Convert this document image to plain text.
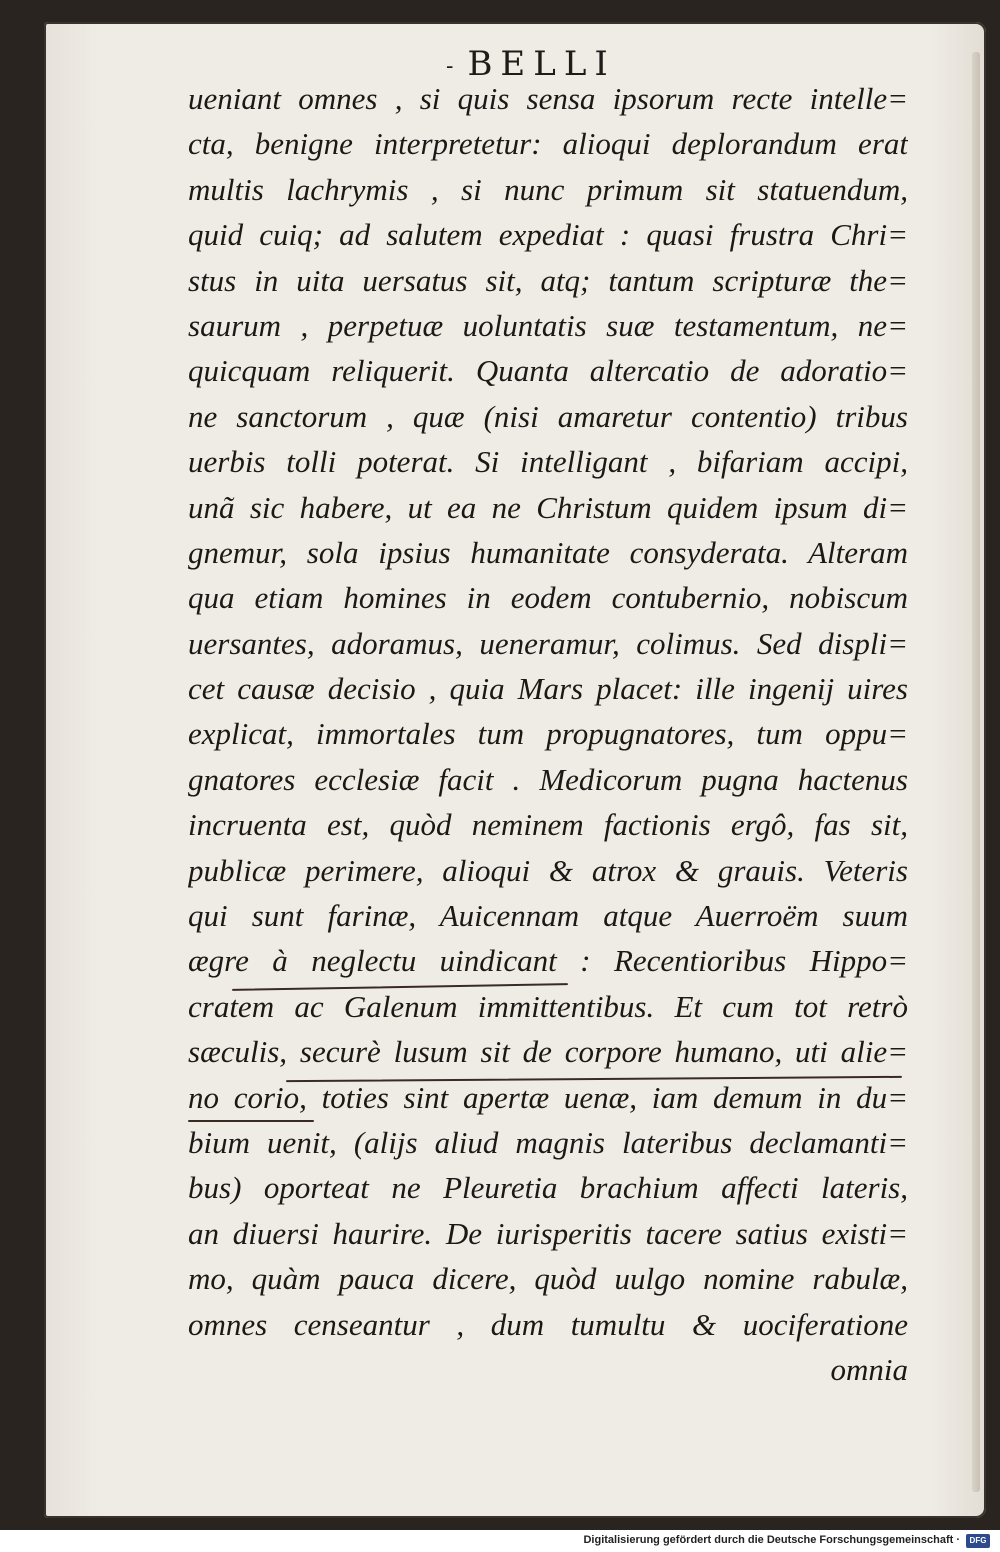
- BELLI
ueniant omnes , si quis sensa ipsorum recte intelle=
cta, benigne interpretetur: alioqui deplorandum erat
multis lachrymis , si nunc primum sit statuendum,
quid cuiq; ad salutem expediat : quasi frustra Chri=
stus in uita uersatus sit, atq; tantum scripturæ the=
saurum , perpetuæ uoluntatis suæ testamentum, ne=
quicquam reliquerit. Quanta altercatio de adoratio=
ne sanctorum , quæ (nisi amaretur contentio) tribus
uerbis tolli poterat. Si intelligant , bifariam accipi,
unã sic habere, ut ea ne Christum quidem ipsum di=
gnemur, sola ipsius humanitate consyderata. Alteram
qua etiam homines in eodem contubernio, nobiscum
uersantes, adoramus, ueneramur, colimus. Sed displi=
cet causæ decisio , quia Mars placet: ille ingenij uires
explicat, immortales tum propugnatores, tum oppu=
gnatores ecclesiæ facit . Medicorum pugna hactenus
incruenta est, quòd neminem factionis ergô, fas sit,
publicæ perimere, alioqui & atrox & grauis. Veteris
qui sunt farinæ, Auicennam atque Auerroëm suum
ægre à neglectu uindicant : Recentioribus Hippo=
cratem ac Galenum immittentibus. Et cum tot retrò
sæculis, securè lusum sit de corpore humano, uti alie=
no corio, toties sint apertæ uenæ, iam demum in du=
bium uenit, (alijs aliud magnis lateribus declamanti=
bus) oporteat ne Pleuretia brachium affecti lateris,
an diuersi haurire. De iurisperitis tacere satius existi=
mo, quàm pauca dicere, quòd uulgo nomine rabulæ,
omnes censeantur , dum tumultu & uociferatione
omnia
Digitalisierung gefördert durch die Deutsche Forschungsgemeinschaft ·	DFG
